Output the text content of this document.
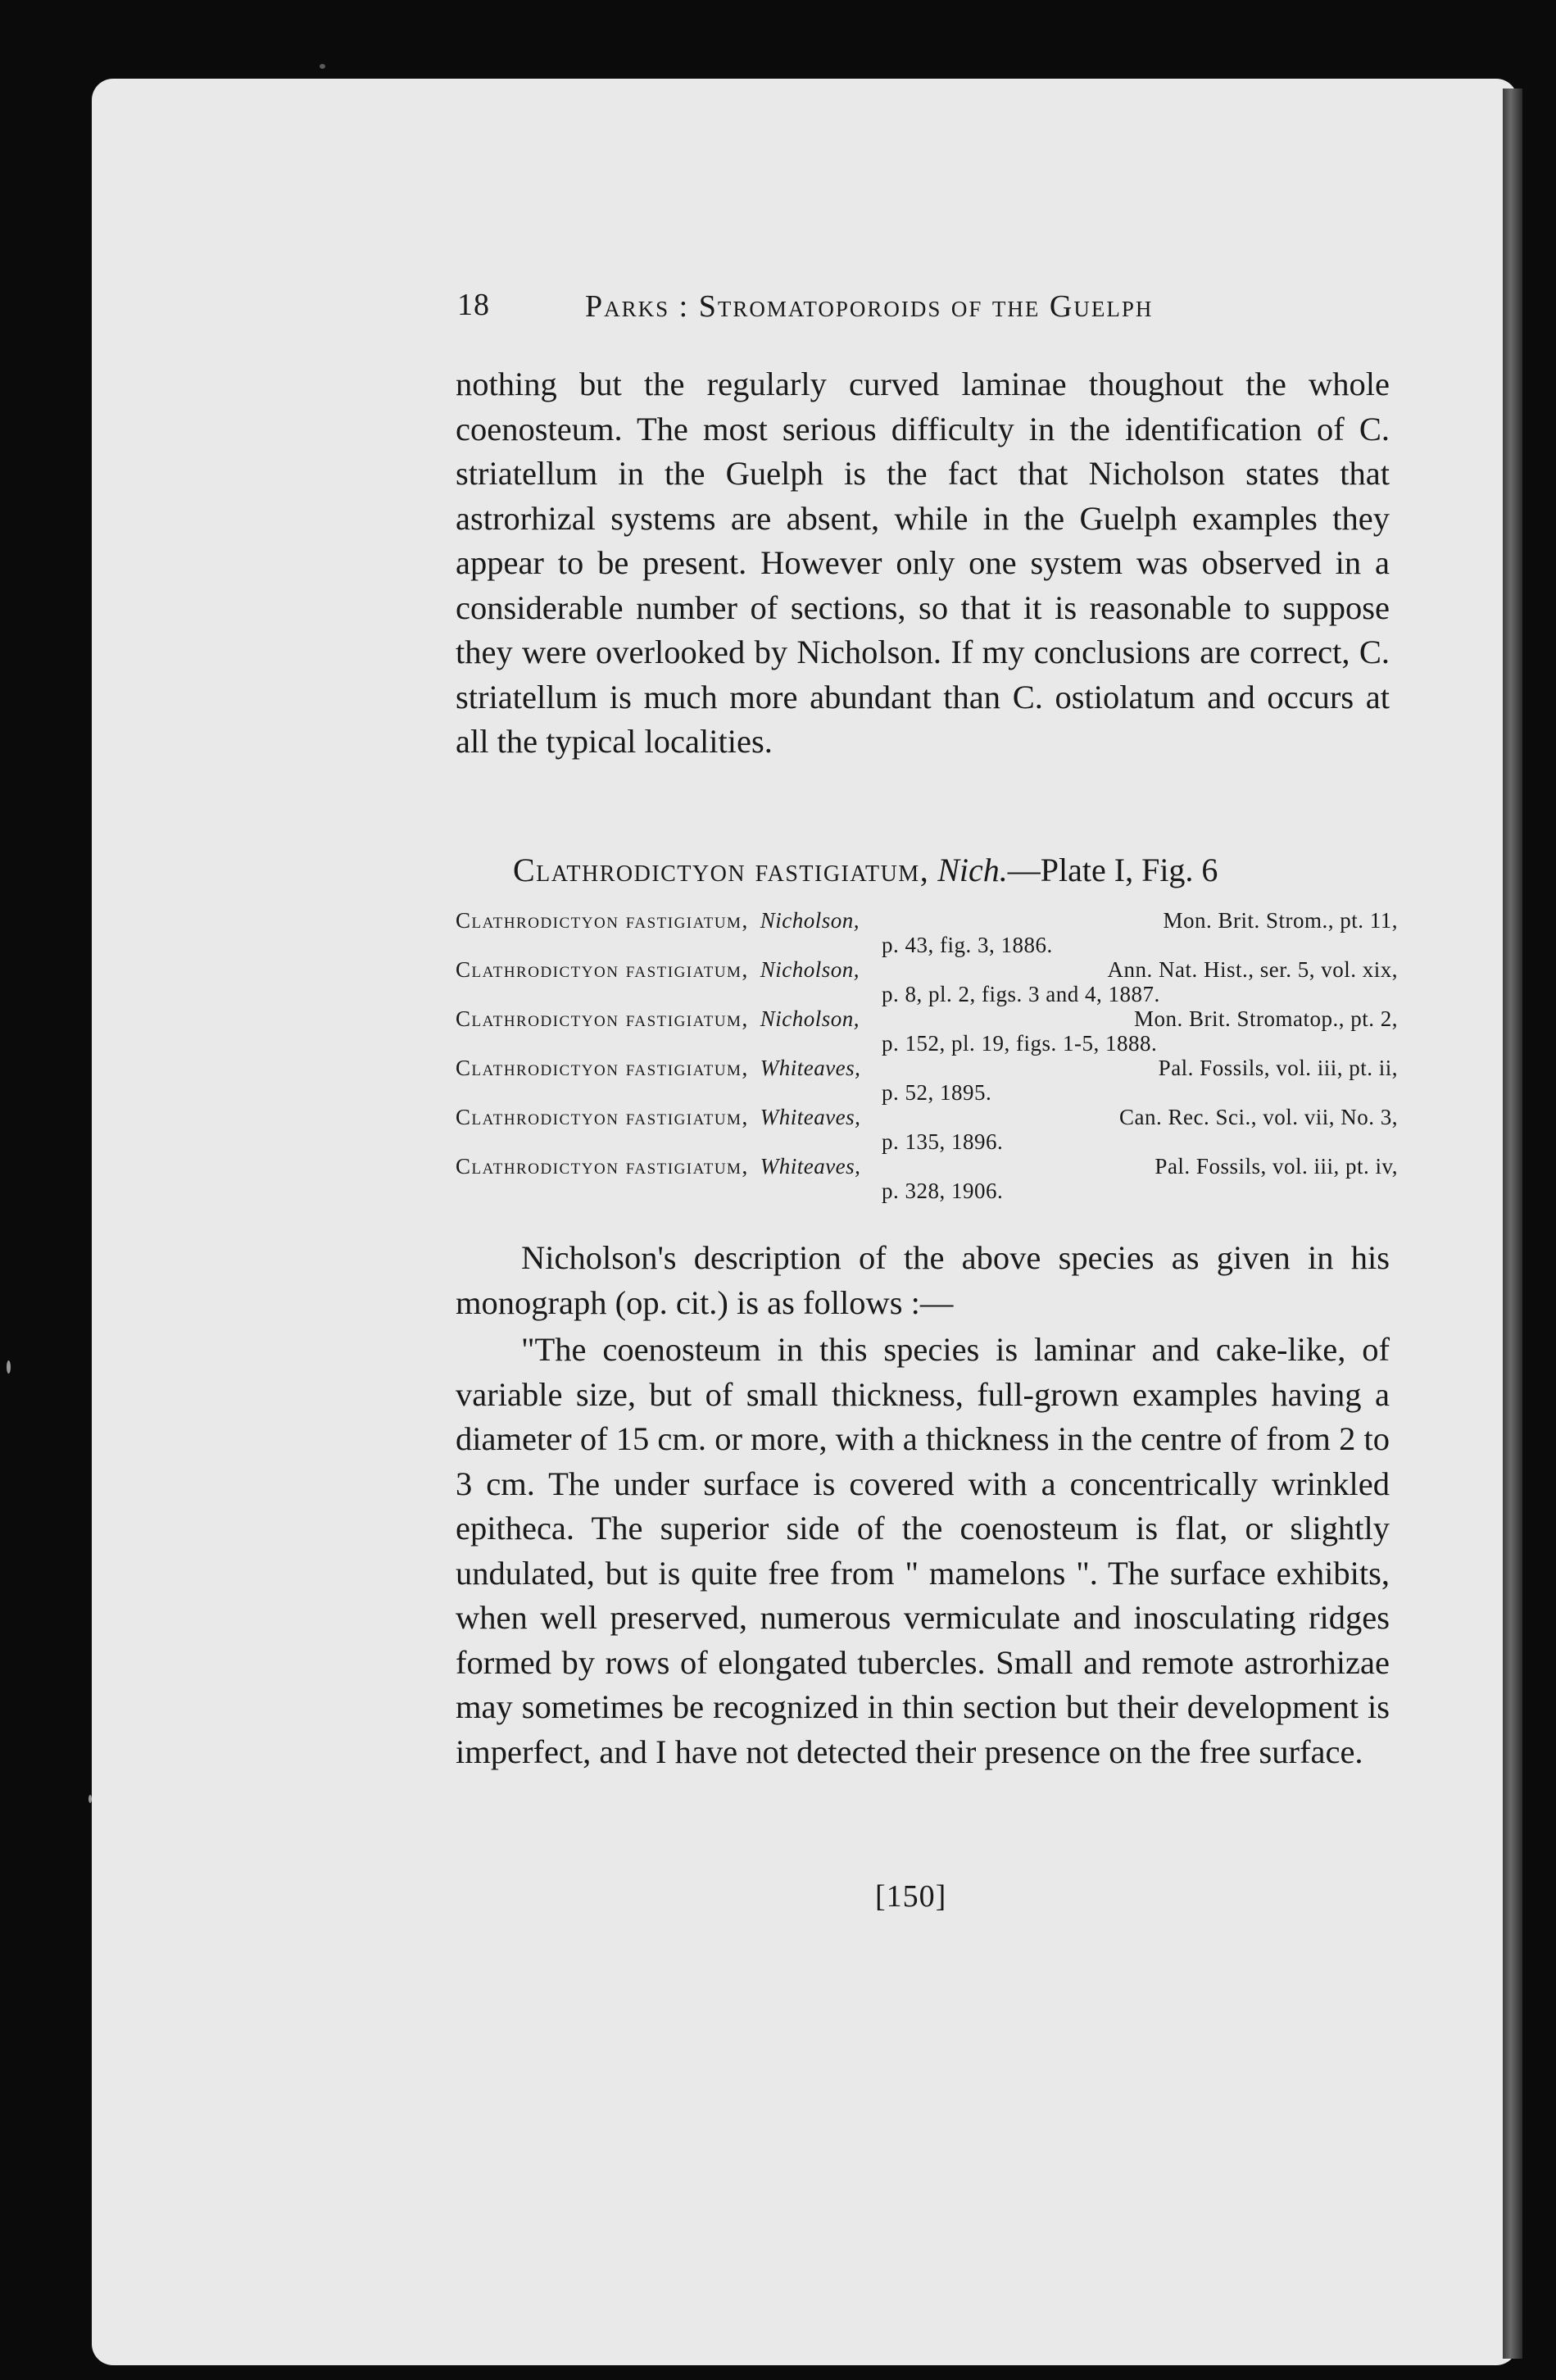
18	Parks : Stromatoporoids of the Guelph

nothing but the regularly curved laminae thoughout the whole coenosteum. The most serious difficulty in the identification of C. striatellum in the Guelph is the fact that Nicholson states that astrorhizal systems are absent, while in the Guelph examples they appear to be present. However only one system was observed in a considerable number of sections, so that it is reasonable to suppose they were overlooked by Nicholson. If my conclusions are correct, C. striatellum is much more abundant than C. ostiolatum and occurs at all the typical localities.

Clathrodictyon fastigiatum, Nich.—Plate I, Fig. 6
Clathrodictyon fastigiatum, Nicholson,
	Mon. Brit. Strom., pt. 11,
p. 43, fig. 3, 1886.
Clathrodictyon fastigiatum, Nicholson,
	Ann. Nat. Hist., ser. 5, vol. xix,
p. 8, pl. 2, figs. 3 and 4, 1887.
Clathrodictyon fastigiatum, Nicholson,
	Mon. Brit. Stromatop., pt. 2,
p. 152, pl. 19, figs. 1-5, 1888.
Clathrodictyon fastigiatum, Whiteaves,
	Pal. Fossils, vol. iii, pt. ii,
p. 52, 1895.
Clathrodictyon fastigiatum, Whiteaves,
	Can. Rec. Sci., vol. vii, No. 3,
p. 135, 1896.
Clathrodictyon fastigiatum, Whiteaves,
	Pal. Fossils, vol. iii, pt. iv,
p. 328, 1906.

Nicholson's description of the above species as given in his monograph (op. cit.) is as follows :—

"The coenosteum in this species is laminar and cake-like, of variable size, but of small thickness, full-grown examples having a diameter of 15 cm. or more, with a thickness in the centre of from 2 to 3 cm. The under surface is covered with a concentrically wrinkled epitheca. The superior side of the coenosteum is flat, or slightly undulated, but is quite free from " mamelons ". The surface exhibits, when well preserved, numerous vermiculate and inosculating ridges formed by rows of elongated tubercles. Small and remote astrorhizae may sometimes be recognized in thin section but their development is imperfect, and I have not detected their presence on the free surface.

[150]
